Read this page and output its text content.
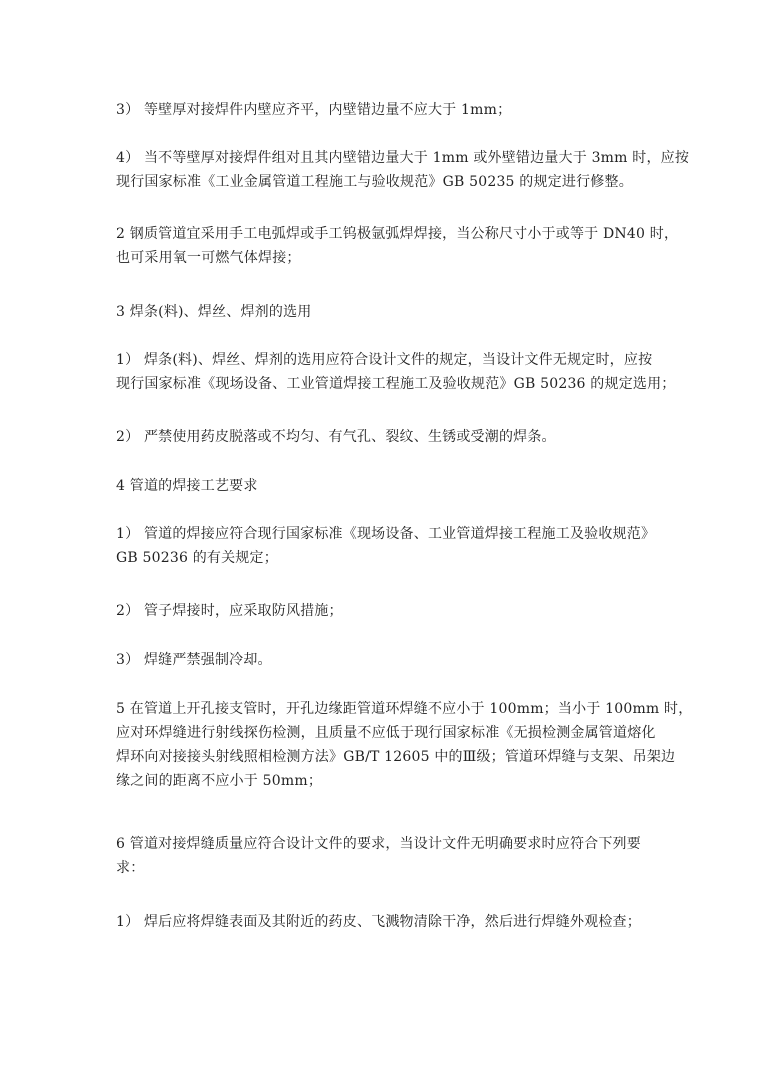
3） 等壁厚对接焊件内壁应齐平，内壁错边量不应大于 1mm；

4） 当不等壁厚对接焊件组对且其内壁错边量大于 1mm 或外壁错边量大于 3mm 时，应按
现行国家标准《工业金属管道工程施工与验收规范》GB 50235 的规定进行修整。

2 钢质管道宜采用手工电弧焊或手工钨极氩弧焊焊接，当公称尺寸小于或等于 DN40 时，
也可采用氧一可燃气体焊接；

3 焊条(料)、焊丝、焊剂的选用

1） 焊条(料)、焊丝、焊剂的选用应符合设计文件的规定，当设计文件无规定时，应按
现行国家标准《现场设备、工业管道焊接工程施工及验收规范》GB 50236 的规定选用；

2） 严禁使用药皮脱落或不均匀、有气孔、裂纹、生锈或受潮的焊条。

4 管道的焊接工艺要求

1） 管道的焊接应符合现行国家标准《现场设备、工业管道焊接工程施工及验收规范》
GB 50236 的有关规定；

2） 管子焊接时，应采取防风措施；

3） 焊缝严禁强制冷却。

5 在管道上开孔接支管时，开孔边缘距管道环焊缝不应小于 100mm；当小于 100mm 时，
应对环焊缝进行射线探伤检测，且质量不应低于现行国家标准《无损检测金属管道熔化
焊环向对接接头射线照相检测方法》GB/T 12605 中的Ⅲ级；管道环焊缝与支架、吊架边
缘之间的距离不应小于 50mm；

6 管道对接焊缝质量应符合设计文件的要求，当设计文件无明确要求时应符合下列要
求：

1） 焊后应将焊缝表面及其附近的药皮、飞溅物清除干净，然后进行焊缝外观检查；
